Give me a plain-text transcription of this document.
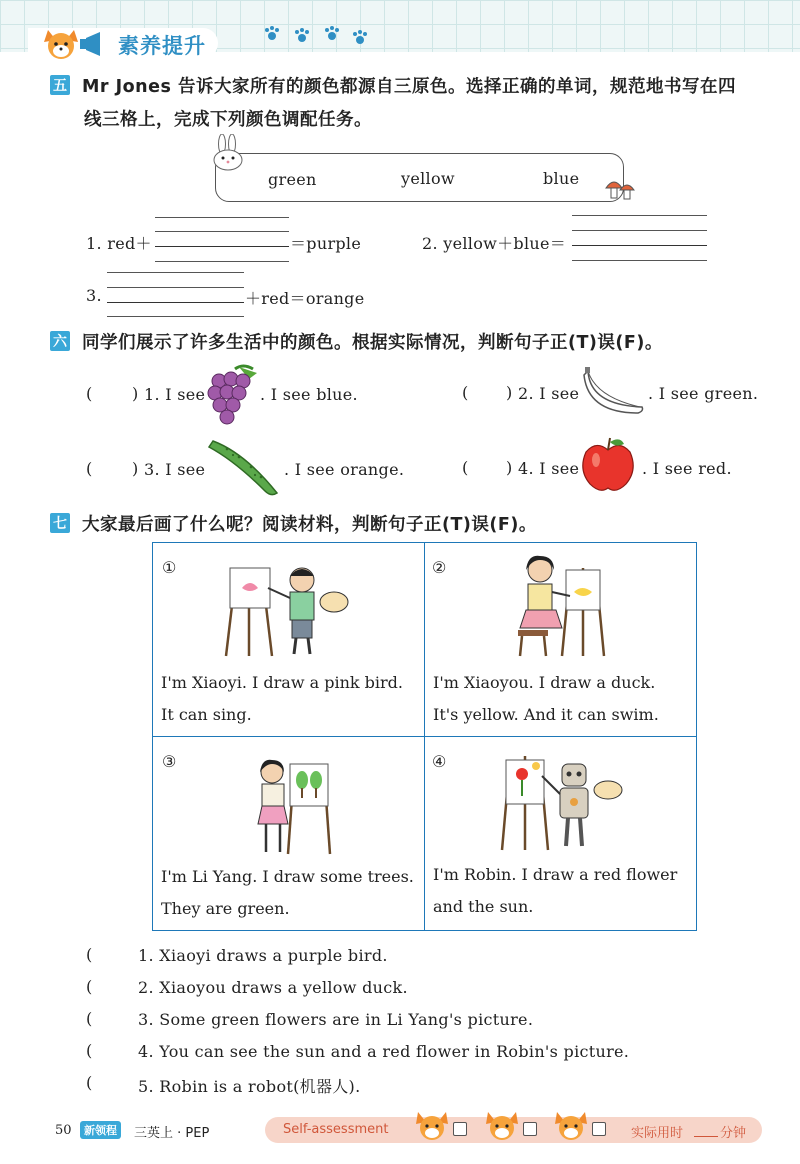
素养提升
五 Mr Jones 告诉大家所有的颜色都源自三原色。选择正确的单词，规范地书写在四
线三格上，完成下列颜色调配任务。
green	yellow	blue
1. red＋	＝purple	2. yellow＋blue＝
3.	＋red＝orange
六 同学们展示了许多生活中的颜色。根据实际情况，判断句子正(T)误(F)。
( ) 1. I see	. I see blue.	( ) 2. I see	. I see green.
( ) 3. I see	. I see orange.	( ) 4. I see	. I see red.
七 大家最后画了什么呢？阅读材料，判断句子正(T)误(F)。
①
I'm Xiaoyi. I draw a pink bird.
It can sing.
②
I'm Xiaoyou. I draw a duck.
It's yellow. And it can swim.
③
I'm Li Yang. I draw some trees.
They are green.
④
I'm Robin. I draw a red flower
and the sun.
(	1. Xiaoyi draws a purple bird.
(	2. Xiaoyou draws a yellow duck.
(	3. Some green flowers are in Li Yang's picture.
(	4. You can see the sun and a red flower in Robin's picture.
(	5. Robin is a robot(机器人).
50	新领程	三英上 · PEP	Self-assessment	实际用时	分钟
